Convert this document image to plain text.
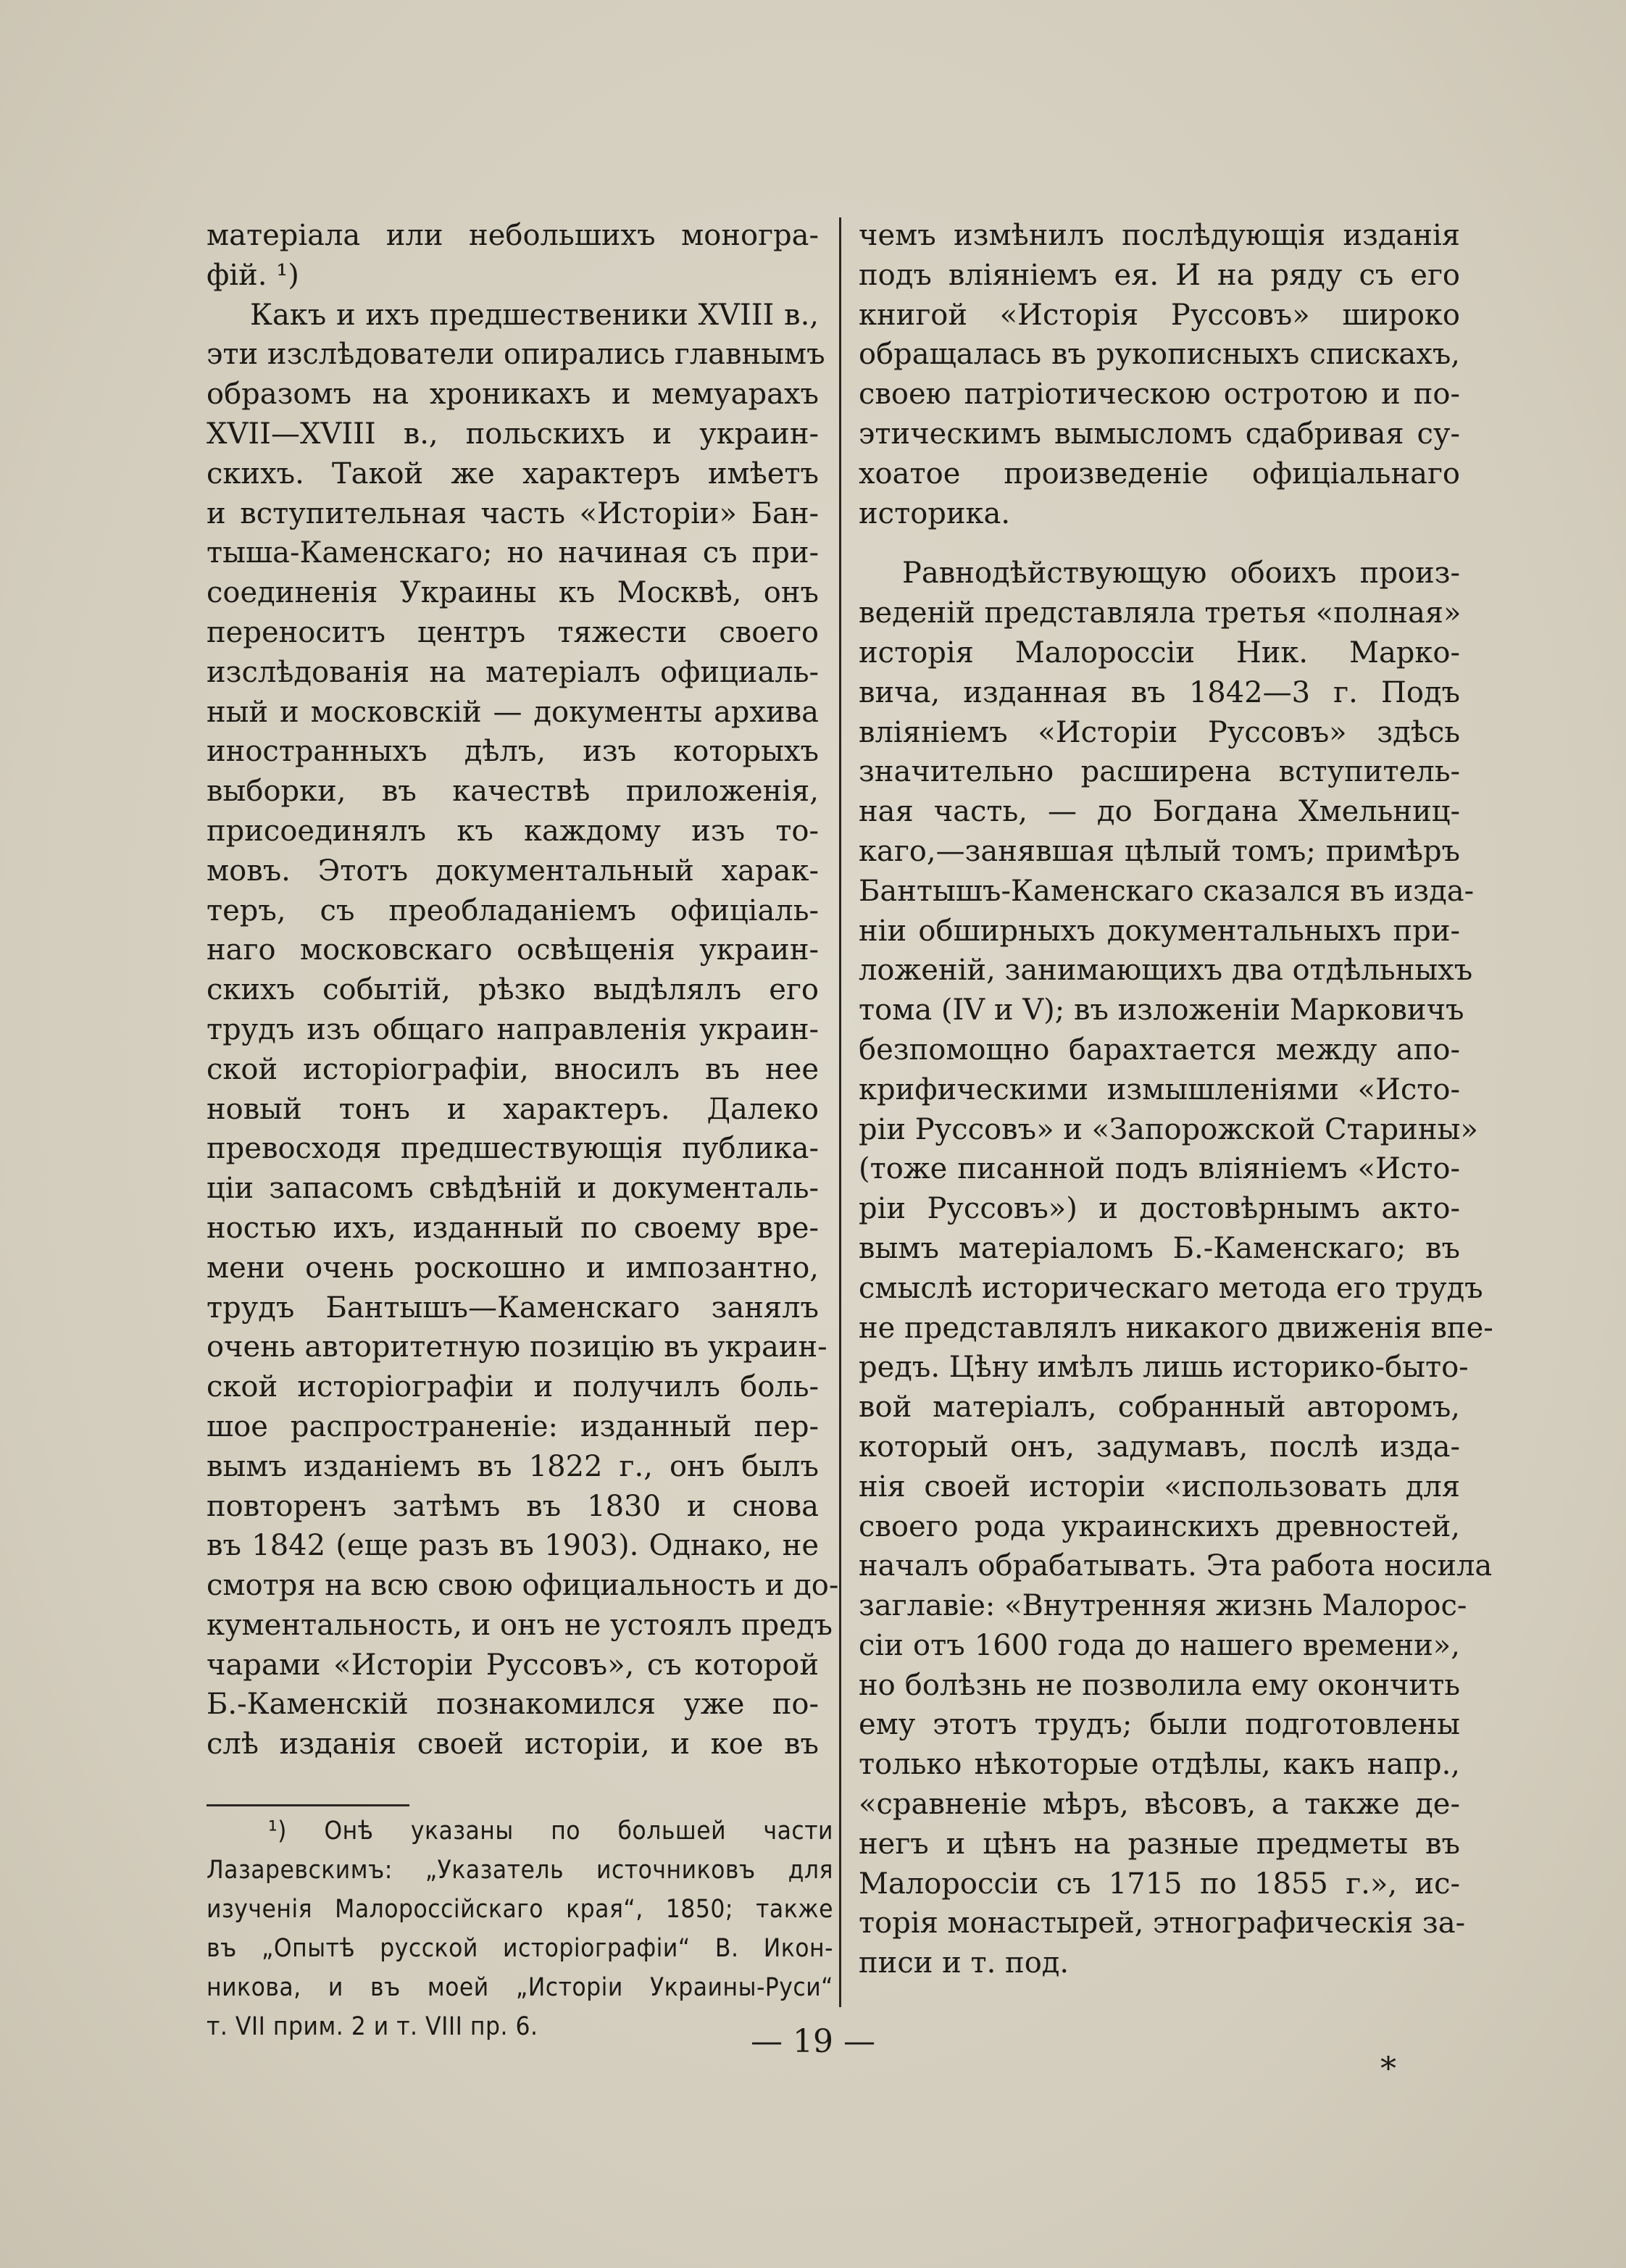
матеріала или небольшихъ моногра-
фій. ¹)
Какъ и ихъ предшественики XVIII в.,
эти изслѣдователи опирались главнымъ
образомъ на хроникахъ и мемуарахъ
XVII—XVIII в., польскихъ и украин-
скихъ. Такой же характеръ имѣетъ
и вступительная часть «Исторіи» Бан-
тыша-Каменскаго; но начиная съ при-
соединенія Украины къ Москвѣ, онъ
переноситъ центръ тяжести своего
изслѣдованія на матеріалъ официаль-
ный и московскій — документы архива
иностранныхъ дѣлъ, изъ которыхъ
выборки, въ качествѣ приложенія,
присоединялъ къ каждому изъ то-
мовъ. Этотъ документальный харак-
теръ, съ преобладаніемъ офиціаль-
наго московскаго освѣщенія украин-
скихъ событій, рѣзко выдѣлялъ его
трудъ изъ общаго направленія украин-
ской исторіографіи, вносилъ въ нее
новый тонъ и характеръ. Далеко
превосходя предшествующія публика-
ціи запасомъ свѣдѣній и документаль-
ностью ихъ, изданный по своему вре-
мени очень роскошно и импозантно,
трудъ Бантышъ—Каменскаго занялъ
очень авторитетную позицію въ украин-
ской исторіографіи и получилъ боль-
шое распространеніе: изданный пер-
вымъ изданіемъ въ 1822 г., онъ былъ
повторенъ затѣмъ въ 1830 и снова
въ 1842 (еще разъ въ 1903). Однако, не
смотря на всю свою официальность и до-
кументальность, и онъ не устоялъ предъ
чарами «Исторіи Руссовъ», съ которой
Б.-Каменскій познакомился уже по-
слѣ изданія своей исторіи, и кое въ
чемъ измѣнилъ послѣдующія изданія
подъ вліяніемъ ея. И на ряду съ его
книгой «Исторія Руссовъ» широко
обращалась въ рукописныхъ спискахъ,
своею патріотическою остротою и по-
этическимъ вымысломъ сдабривая су-
хоатое произведеніе офиціальнаго
историка.
Равнодѣйствующую обоихъ произ-
веденій представляла третья «полная»
исторія Малороссіи Ник. Марко-
вича, изданная въ 1842—3 г. Подъ
вліяніемъ «Исторіи Руссовъ» здѣсь
значительно расширена вступитель-
ная часть, — до Богдана Хмельниц-
каго,—занявшая цѣлый томъ; примѣръ
Бантышъ-Каменскаго сказался въ изда-
ніи обширныхъ документальныхъ при-
ложеній, занимающихъ два отдѣльныхъ
тома (IV и V); въ изложеніи Марковичъ
безпомощно барахтается между апо-
крифическими измышленіями «Исто-
ріи Руссовъ» и «Запорожской Старины»
(тоже писанной подъ вліяніемъ «Исто-
ріи Руссовъ») и достовѣрнымъ акто-
вымъ матеріаломъ Б.-Каменскаго; въ
смыслѣ историческаго метода его трудъ
не представлялъ никакого движенія впе-
редъ. Цѣну имѣлъ лишь историко-быто-
вой матеріалъ, собранный авторомъ,
который онъ, задумавъ, послѣ изда-
нія своей исторіи «использовать для
своего рода украинскихъ древностей,
началъ обрабатывать. Эта работа носила
заглавіе: «Внутренняя жизнь Малорос-
сіи отъ 1600 года до нашего времени»,
но болѣзнь не позволила ему окончить
ему этотъ трудъ; были подготовлены
только нѣкоторые отдѣлы, какъ напр.,
«сравненіе мѣръ, вѣсовъ, а также де-
негъ и цѣнъ на разные предметы въ
Малороссіи съ 1715 по 1855 г.», ис-
торія монастырей, этнографическія за-
писи и т. под.
¹) Онѣ указаны по большей части
Лазаревскимъ: „Указатель источниковъ для
изученія Малороссійскаго края“, 1850; также
въ „Опытѣ русской исторіографіи“ В. Икон-
никова, и въ моей „Исторіи Украины-Руси“
т. VII прим. 2 и т. VIII пр. 6.	— 19 —
*
